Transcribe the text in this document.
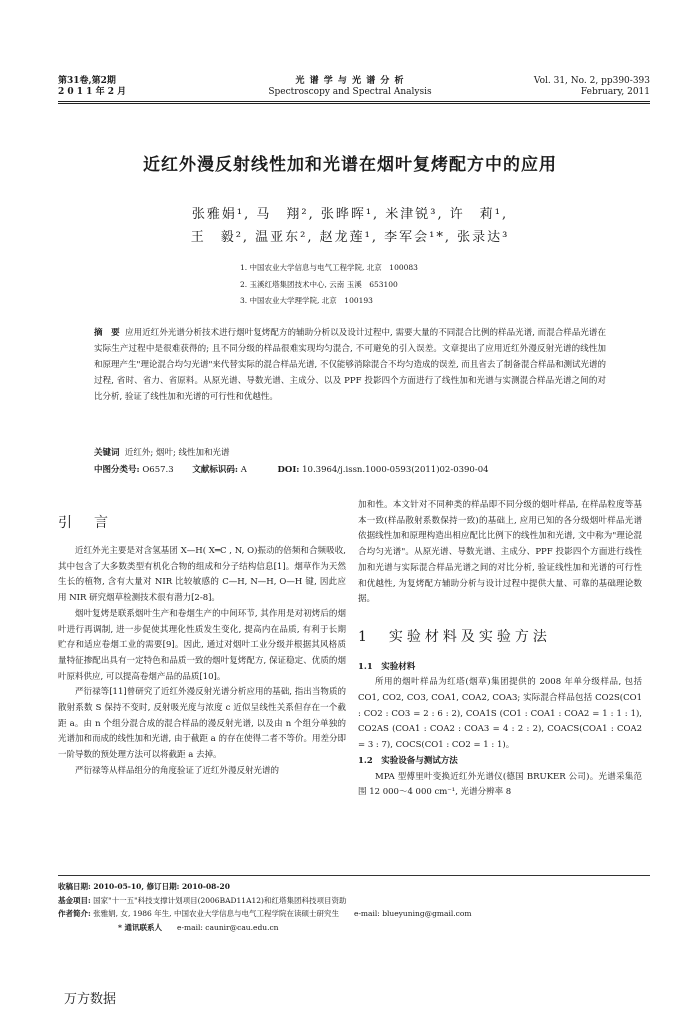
第31卷,第2期
2 0 1 1 年 2 月
光 谱 学 与 光 谱 分 析
Spectroscopy and Spectral Analysis
Vol. 31, No. 2, pp390-393
February, 2011
近红外漫反射线性加和光谱在烟叶复烤配方中的应用
张雅娟¹, 马　翔², 张晔晖¹, 米津锐³, 许　莉¹,
王　毅², 温亚东², 赵龙莲¹, 李军会¹*, 张录达³
1. 中国农业大学信息与电气工程学院, 北京　100083
2. 玉溪红塔集团技术中心, 云南 玉溪　653100
3. 中国农业大学理学院, 北京　100193
摘　要 应用近红外光谱分析技术进行烟叶复烤配方的辅助分析以及设计过程中, 需要大量的不同混合比例的样品光谱, 而混合样品光谱在实际生产过程中是很难获得的; 且不同分级的样品很难实现均匀混合, 不可避免的引入误差。文章提出了应用近红外漫反射光谱的线性加和原理产生"理论混合均匀光谱"来代替实际的混合样品光谱, 不仅能够消除混合不均匀造成的误差, 而且省去了制备混合样品和测试光谱的过程, 省时、省力、省原料。从原光谱、导数光谱、主成分、以及 PPF 投影四个方面进行了线性加和光谱与实测混合样品光谱之间的对比分析, 验证了线性加和光谱的可行性和优越性。
关键词 近红外; 烟叶; 线性加和光谱
中图分类号: O657.3 文献标识码: A	DOI: 10.3964/j.issn.1000-0593(2011)02-0390-04
引　言

近红外光主要是对含氢基团 X—H( X═C , N, O)振动的倍频和合频吸收, 其中包含了大多数类型有机化合物的组成和分子结构信息[1]。烟草作为天然生长的植物, 含有大量对 NIR 比较敏感的 C—H, N—H, O—H 键, 因此应用 NIR 研究烟草检测技术很有潜力[2-8]。

烟叶复烤是联系烟叶生产和卷烟生产的中间环节, 其作用是对初烤后的烟叶进行再调制, 进一步促使其理化性质发生变化, 提高内在品质, 有利于长期贮存和适应卷烟工业的需要[9]。因此, 通过对烟叶工业分级并根据其风格质量特征掺配出具有一定特色和品质一致的烟叶复烤配方, 保证稳定、优质的烟叶原料供应, 可以提高卷烟产品的品质[10]。

严衍禄等[11]曾研究了近红外漫反射光谱分析应用的基础, 指出当物质的散射系数 S 保持不变时, 反射吸光度与浓度 c 近似呈线性关系但存在一个截距 a。由 n 个组分混合成的混合样品的漫反射光谱, 以及由 n 个组分单独的光谱加和而成的线性加和光谱, 由于截距 a 的存在使得二者不等价。用差分即一阶导数的预处理方法可以将截距 a 去掉。

严衍禄等从样品组分的角度验证了近红外漫反射光谱的

加和性。本文针对不同种类的样品即不同分级的烟叶样品, 在样品粒度等基本一致(样品散射系数保持一致)的基础上, 应用已知的各分级烟叶样品光谱依据线性加和原理构造出相应配比比例下的线性加和光谱, 文中称为"理论混合均匀光谱"。从原光谱、导数光谱、主成分、PPF 投影四个方面进行线性加和光谱与实际混合样品光谱之间的对比分析, 验证线性加和光谱的可行性和优越性, 为复烤配方辅助分析与设计过程中提供大量、可靠的基础理论数据。

1　实验材料及实验方法
1.1　实验材料

所用的烟叶样品为红塔(烟草)集团提供的 2008 年单分级样品, 包括 CO1, CO2, CO3, COA1, COA2, COA3; 实际混合样品包括 CO2S(CO1 : CO2 : CO3 = 2 : 6 : 2), COA1S (CO1 : COA1 : COA2 = 1 : 1 : 1), CO2AS (COA1 : COA2 : COA3 = 4 : 2 : 2), COACS(COA1 : COA2 = 3 : 7), COCS(CO1 : CO2 = 1 : 1)。

1.2　实验设备与测试方法

MPA 型傅里叶变换近红外光谱仪(德国 BRUKER 公司)。光谱采集范围 12 000～4 000 cm⁻¹, 光谱分辨率 8

收稿日期: 2010-05-10, 修订日期: 2010-08-20
基金项目: 国家"十一五"科技支撑计划项目(2006BAD11A12)和红塔集团科技项目资助
作者简介: 张雅娟, 女, 1986 年生, 中国农业大学信息与电气工程学院在读硕士研究生　　 e-mail: blueyuning@gmail.com
* 通讯联系人　　 e-mail: caunir@cau.edu.cn
万方数据
